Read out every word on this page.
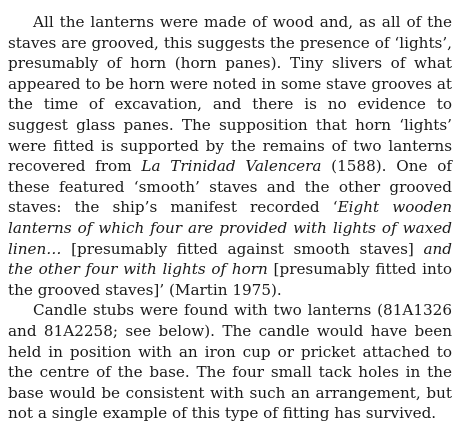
All the lanterns were made of wood and, as all of the staves are grooved, this suggests the presence of ‘lights’, presumably of horn (horn panes). Tiny slivers of what appeared to be horn were noted in some stave grooves at the time of excavation, and there is no evidence to suggest glass panes. The supposition that horn ‘lights’ were fitted is supported by the remains of two lanterns recovered from La Trinidad Valencera (1588). One of these featured ‘smooth’ staves and the other grooved staves: the ship’s manifest recorded ‘Eight wooden lanterns of which four are provided with lights of waxed linen… [presumably fitted against smooth staves] and the other four with lights of horn [presumably fitted into the grooved staves]’ (Martin 1975).

Candle stubs were found with two lanterns (81A1326 and 81A2258; see below). The candle would have been held in position with an iron cup or pricket attached to the centre of the base. The four small tack holes in the base would be consistent with such an arrangement, but not a single example of this type of fitting has survived.
